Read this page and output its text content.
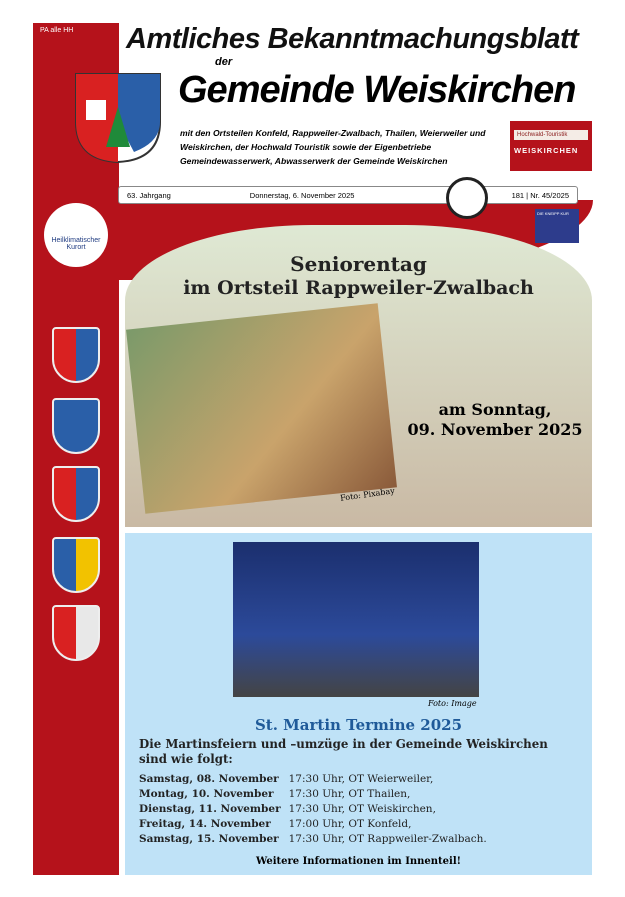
PA alle HH Amtliches Bekanntmachungsblatt
der
Gemeinde Weiskirchen
mit den Ortsteilen Konfeld, Rappweiler-Zwalbach, Thailen, Weierweiler und Weiskirchen, der Hochwald Touristik sowie der Eigenbetriebe Gemeindewasserwerk, Abwasserwerk der Gemeinde Weiskirchen
Hochwald-Touristik
WEISKIRCHEN
63. Jahrgang	Donnerstag, 6. November 2025	181 | Nr. 45/2025
DIE KNEIPP KUR
Heilklimatischer Kurort
Seniorentag
im Ortsteil Rappweiler-Zwalbach
am Sonntag,
09. November 2025
Foto: Pixabay
Foto: Image
St. Martin Termine 2025
Die Martinsfeiern und –umzüge in der Gemeinde Weiskirchen sind wie folgt:
Samstag, 08. November 17:30 Uhr, OT Weierweiler,
Montag, 10. November	17:30 Uhr, OT Thailen,
Dienstag, 11. November 17:30 Uhr, OT Weiskirchen,
Freitag, 14. November	17:00 Uhr, OT Konfeld,
Samstag, 15. November 17:30 Uhr, OT Rappweiler-Zwalbach.
Weitere Informationen im Innenteil!
